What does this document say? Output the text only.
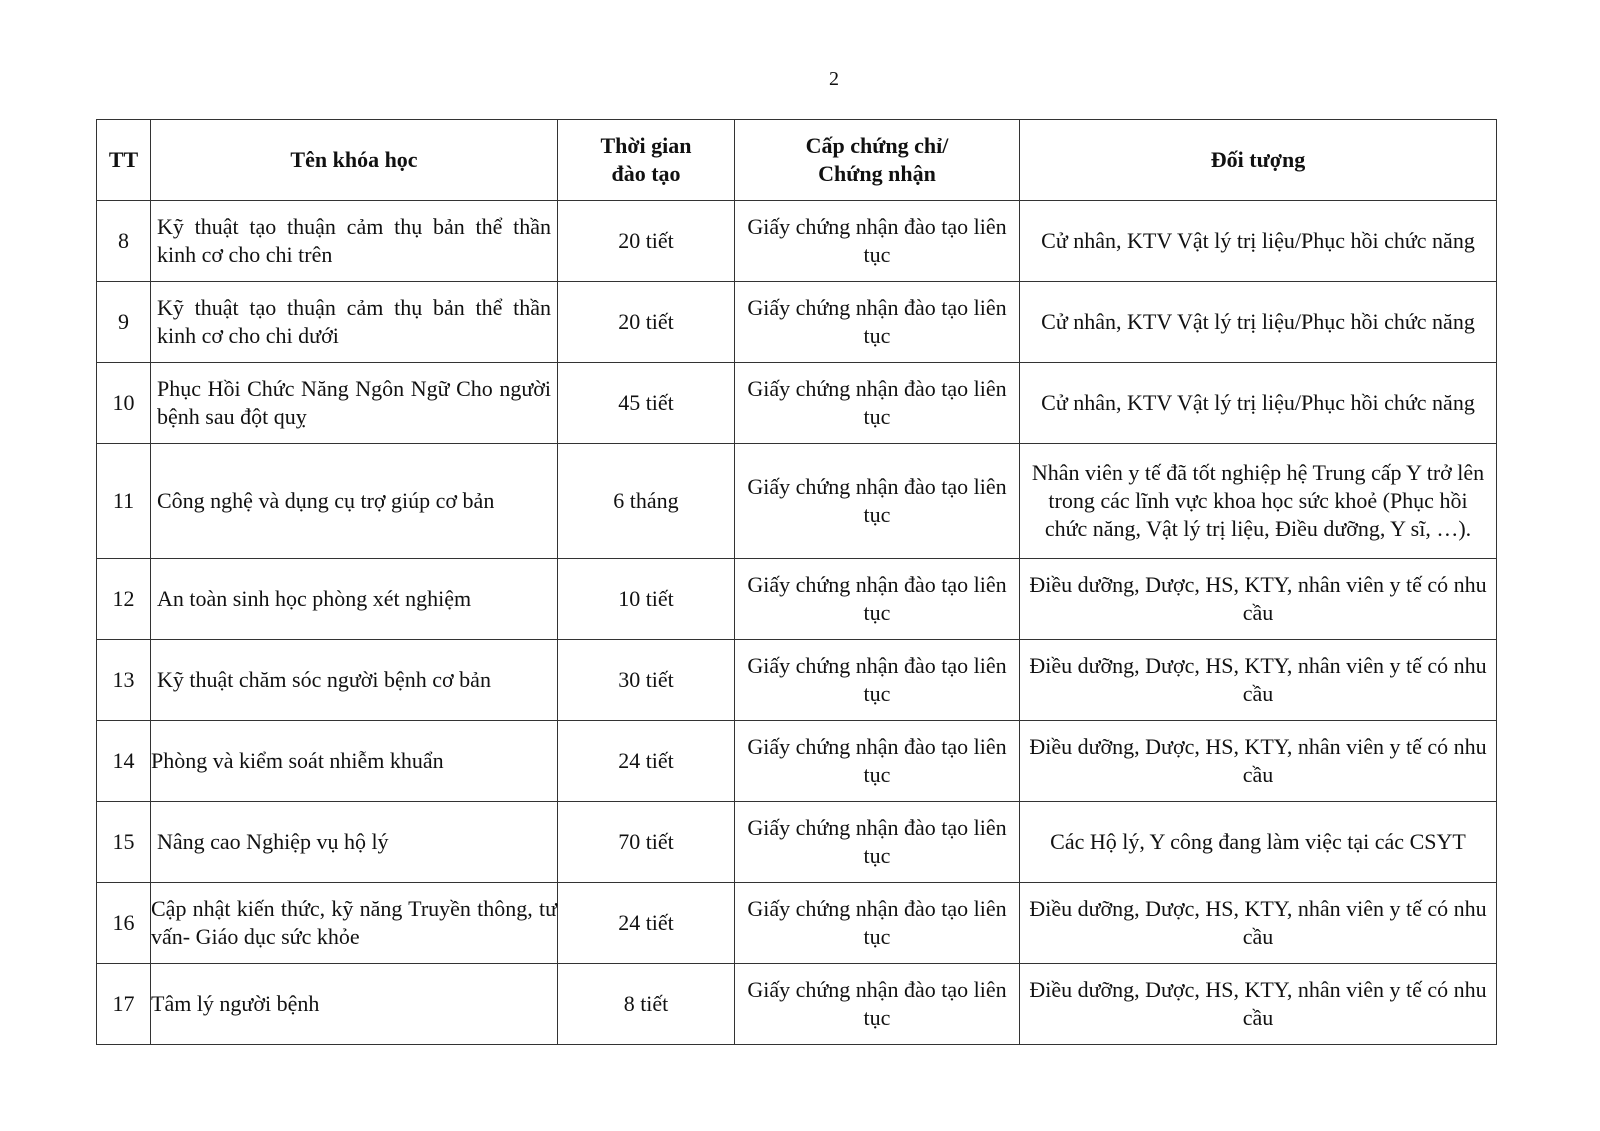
2
TT	Tên khóa học	Thời gian đào tạo	Cấp chứng chỉ/ Chứng nhận	Đối tượng
8	Kỹ thuật tạo thuận cảm thụ bản thể thần kinh cơ cho chi trên	20 tiết	Giấy chứng nhận đào tạo liên tục	Cử nhân, KTV Vật lý trị liệu/Phục hồi chức năng
9	Kỹ thuật tạo thuận cảm thụ bản thể thần kinh cơ cho chi dưới	20 tiết	Giấy chứng nhận đào tạo liên tục	Cử nhân, KTV Vật lý trị liệu/Phục hồi chức năng
10	Phục Hồi Chức Năng Ngôn Ngữ Cho người bệnh sau đột quỵ	45 tiết	Giấy chứng nhận đào tạo liên tục	Cử nhân, KTV Vật lý trị liệu/Phục hồi chức năng
11	Công nghệ và dụng cụ trợ giúp cơ bản	6 tháng	Giấy chứng nhận đào tạo liên tục	Nhân viên y tế đã tốt nghiệp hệ Trung cấp Y trở lên trong các lĩnh vực khoa học sức khoẻ (Phục hồi chức năng, Vật lý trị liệu, Điều dưỡng, Y sĩ, …).
12	An toàn sinh học phòng xét nghiệm	10 tiết	Giấy chứng nhận đào tạo liên tục	Điều dưỡng, Dược, HS, KTY, nhân viên y tế có nhu cầu
13	Kỹ thuật chăm sóc người bệnh cơ bản	30 tiết	Giấy chứng nhận đào tạo liên tục	Điều dưỡng, Dược, HS, KTY, nhân viên y tế có nhu cầu
14	Phòng và kiểm soát nhiễm khuẩn	24 tiết	Giấy chứng nhận đào tạo liên tục	Điều dưỡng, Dược, HS, KTY, nhân viên y tế có nhu cầu
15	Nâng cao Nghiệp vụ hộ lý	70 tiết	Giấy chứng nhận đào tạo liên tục	Các Hộ lý, Y công đang làm việc tại các CSYT
16	Cập nhật kiến thức, kỹ năng Truyền thông, tư vấn- Giáo dục sức khỏe	24 tiết	Giấy chứng nhận đào tạo liên tục	Điều dưỡng, Dược, HS, KTY, nhân viên y tế có nhu cầu
17	Tâm lý người bệnh	8 tiết	Giấy chứng nhận đào tạo liên tục	Điều dưỡng, Dược, HS, KTY, nhân viên y tế có nhu cầu
